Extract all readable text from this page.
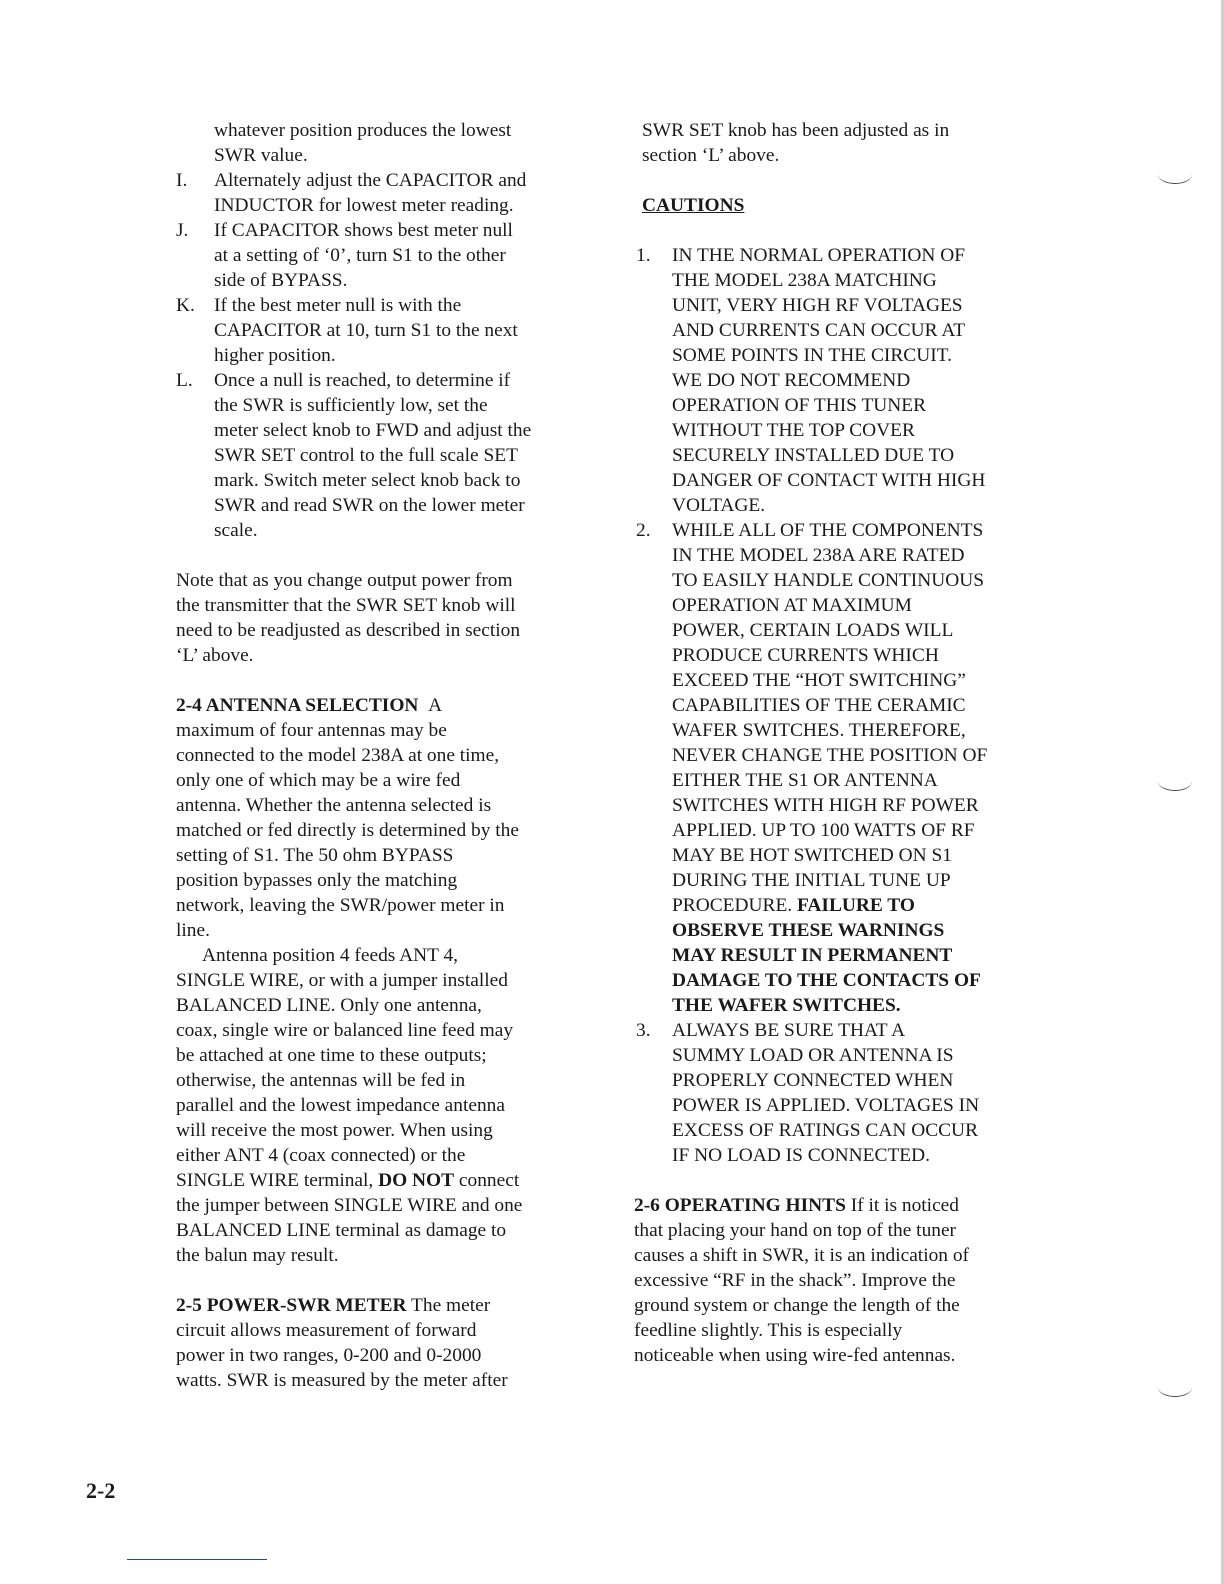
whatever position produces the lowest

SWR value.

I. Alternately adjust the CAPACITOR and

INDUCTOR for lowest meter reading.

J. If CAPACITOR shows best meter null

at a setting of ‘0’, turn S1 to the other

side of BYPASS.

K. If the best meter null is with the

CAPACITOR at 10, turn S1 to the next

higher position.

L. Once a null is reached, to determine if

the SWR is sufficiently low, set the

meter select knob to FWD and adjust the

SWR SET control to the full scale SET

mark. Switch meter select knob back to

SWR and read SWR on the lower meter

scale.

Note that as you change output power from

the transmitter that the SWR SET knob will

need to be readjusted as described in section

‘L’ above.

2-4 ANTENNA SELECTION A

maximum of four antennas may be

connected to the model 238A at one time,

only one of which may be a wire fed

antenna. Whether the antenna selected is

matched or fed directly is determined by the

setting of S1. The 50 ohm BYPASS

position bypasses only the matching

network, leaving the SWR/power meter in

line.

Antenna position 4 feeds ANT 4,

SINGLE WIRE, or with a jumper installed

BALANCED LINE. Only one antenna,

coax, single wire or balanced line feed may

be attached at one time to these outputs;

otherwise, the antennas will be fed in

parallel and the lowest impedance antenna

will receive the most power. When using

either ANT 4 (coax connected) or the

SINGLE WIRE terminal, DO NOT connect

the jumper between SINGLE WIRE and one

BALANCED LINE terminal as damage to

the balun may result.

2-5 POWER-SWR METER The meter

circuit allows measurement of forward

power in two ranges, 0-200 and 0-2000

watts. SWR is measured by the meter after

SWR SET knob has been adjusted as in

section ‘L’ above.

CAUTIONS

1. IN THE NORMAL OPERATION OF

THE MODEL 238A MATCHING

UNIT, VERY HIGH RF VOLTAGES

AND CURRENTS CAN OCCUR AT

SOME POINTS IN THE CIRCUIT.

WE DO NOT RECOMMEND

OPERATION OF THIS TUNER

WITHOUT THE TOP COVER

SECURELY INSTALLED DUE TO

DANGER OF CONTACT WITH HIGH

VOLTAGE.

2. WHILE ALL OF THE COMPONENTS

IN THE MODEL 238A ARE RATED

TO EASILY HANDLE CONTINUOUS

OPERATION AT MAXIMUM

POWER, CERTAIN LOADS WILL

PRODUCE CURRENTS WHICH

EXCEED THE “HOT SWITCHING”

CAPABILITIES OF THE CERAMIC

WAFER SWITCHES. THEREFORE,

NEVER CHANGE THE POSITION OF

EITHER THE S1 OR ANTENNA

SWITCHES WITH HIGH RF POWER

APPLIED. UP TO 100 WATTS OF RF

MAY BE HOT SWITCHED ON S1

DURING THE INITIAL TUNE UP

PROCEDURE. FAILURE TO

OBSERVE THESE WARNINGS

MAY RESULT IN PERMANENT

DAMAGE TO THE CONTACTS OF

THE WAFER SWITCHES.

3. ALWAYS BE SURE THAT A

SUMMY LOAD OR ANTENNA IS

PROPERLY CONNECTED WHEN

POWER IS APPLIED. VOLTAGES IN

EXCESS OF RATINGS CAN OCCUR

IF NO LOAD IS CONNECTED.

2-6 OPERATING HINTS If it is noticed

that placing your hand on top of the tuner

causes a shift in SWR, it is an indication of

excessive “RF in the shack”. Improve the

ground system or change the length of the

feedline slightly. This is especially

noticeable when using wire-fed antennas.

2-2
